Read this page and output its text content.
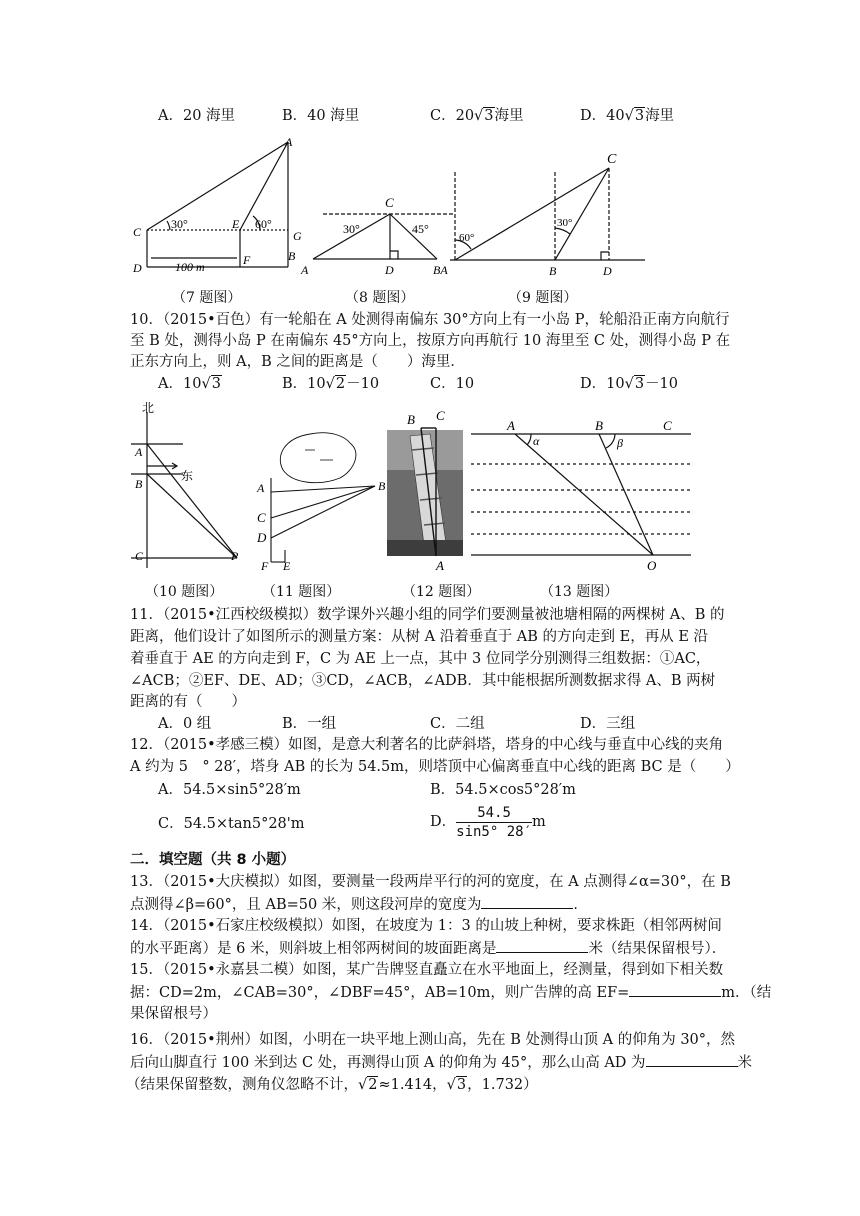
A．20 海里	B．40 海里	C．20√3海里	D．40√3海里
A
C
D
E
F
G
30°	60°
100 m
C
B
A	D	BA
30°	45°
C
B	D
60°
30°
（7 题图）	（8 题图）	（9 题图）
10．（2015•百色）有一轮船在 A 处测得南偏东 30°方向上有一小岛 P，轮船沿正南方向航行
至 B 处，测得小岛 P 在南偏东 45°方向上，按原方向再航行 10 海里至 C 处，测得小岛 P 在
正东方向上，则 A，B 之间的距离是（　　）海里．
A．10√3	B．10√2－10	C．10	D．10√3－10
北
东
A
B
C	P
A	B
C
D
F E
B C
A
A	B	C
O
α	β
（10 题图）	（11 题图）	（12 题图）	（13 题图）
11．（2015•江西校级模拟）数学课外兴趣小组的同学们要测量被池塘相隔的两棵树 A、B 的
距离，他们设计了如图所示的测量方案：从树 A 沿着垂直于 AB 的方向走到 E，再从 E 沿
着垂直于 AE 的方向走到 F，C 为 AE 上一点，其中 3 位同学分别测得三组数据：①AC，
∠ACB；②EF、DE、AD；③CD，∠ACB，∠ADB．其中能根据所测数据求得 A、B 两树
距离的有（　　）
A．0 组	B．一组	C．二组	D．三组
12．（2015•孝感三模）如图，是意大利著名的比萨斜塔，塔身的中心线与垂直中心线的夹角
A 约为 5　° 28′，塔身 AB 的长为 54.5m，则塔顶中心偏离垂直中心线的距离 BC 是（　　）
A．54.5×sin5°28′m	B．54.5×cos5°28′m
C．54.5×tan5°28'm	D． $\frac{54.5}{\sin 5^\circ 28'}$ m
二．填空题（共 8 小题）
13．（2015•大庆模拟）如图，要测量一段两岸平行的河的宽度，在 A 点测得∠α=30°，在 B
点测得∠β=60°，且 AB=50 米，则这段河岸的宽度为	．
14．（2015•石家庄校级模拟）如图，在坡度为 1：3 的山坡上种树，要求株距（相邻两树间
的水平距离）是 6 米，则斜坡上相邻两树间的坡面距离是	米（结果保留根号）．
15．（2015•永嘉县二模）如图，某广告牌竖直矗立在水平地面上，经测量，得到如下相关数
据：CD=2m，∠CAB=30°，∠DBF=45°，AB=10m，则广告牌的高 EF=	m．（结
果保留根号）
16．（2015•荆州）如图，小明在一块平地上测山高，先在 B 处测得山顶 A 的仰角为 30°，然
后向山脚直行 100 米到达 C 处，再测得山顶 A 的仰角为 45°，那么山高 AD 为	米
（结果保留整数，测角仪忽略不计，√2≈1.414，√3，1.732）
